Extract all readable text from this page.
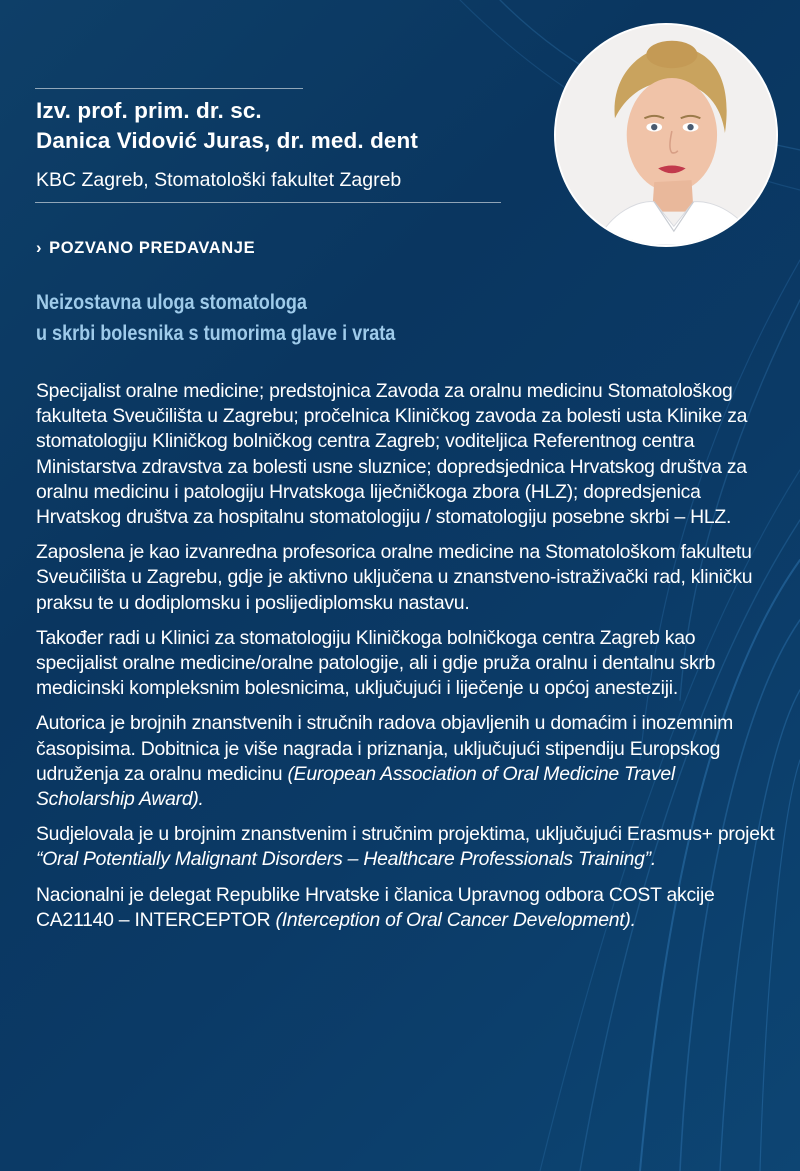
Izv. prof. prim. dr. sc.
Danica Vidović Juras, dr. med. dent
KBC Zagreb, Stomatološki fakultet Zagreb
› POZVANO PREDAVANJE
Neizostavna uloga stomatologa
u skrbi bolesnika s tumorima glave i vrata

Specijalist oralne medicine; predstojnica Zavoda za oralnu medicinu Stomatološkog fakulteta Sveučilišta u Zagrebu; pročelnica Kliničkog zavoda za bolesti usta Klinike za stomatologiju Kliničkog bolničkog centra Zagreb; voditeljica Referentnog centra Ministarstva zdravstva za bolesti usne sluznice; dopredsjednica Hrvatskog društva za oralnu medicinu i patologiju Hrvatskoga liječničkoga zbora (HLZ); dopredsjenica Hrvatskog društva za hospitalnu stomatologiju / stomatologiju posebne skrbi – HLZ.

Zaposlena je kao izvanredna profesorica oralne medicine na Stomatološkom fakultetu Sveučilišta u Zagrebu, gdje je aktivno uključena u znanstveno-istraživački rad, kliničku praksu te u dodiplomsku i poslijediplomsku nastavu.

Također radi u Klinici za stomatologiju Kliničkoga bolničkoga centra Zagreb kao specijalist oralne medicine/oralne patologije, ali i gdje pruža oralnu i dentalnu skrb medicinski kompleksnim bolesnicima, uključujući i liječenje u općoj anesteziji.

Autorica je brojnih znanstvenih i stručnih radova objavljenih u domaćim i inozemnim časopisima. Dobitnica je više nagrada i priznanja, uključujući stipendiju Europskog udruženja za oralnu medicinu (European Association of Oral Medicine Travel Scholarship Award).

Sudjelovala je u brojnim znanstvenim i stručnim projektima, uključujući Erasmus+ projekt “Oral Potentially Malignant Disorders – Healthcare Professionals Training”.

Nacionalni je delegat Republike Hrvatske i članica Upravnog odbora COST akcije CA21140 – INTERCEPTOR (Interception of Oral Cancer Development).
